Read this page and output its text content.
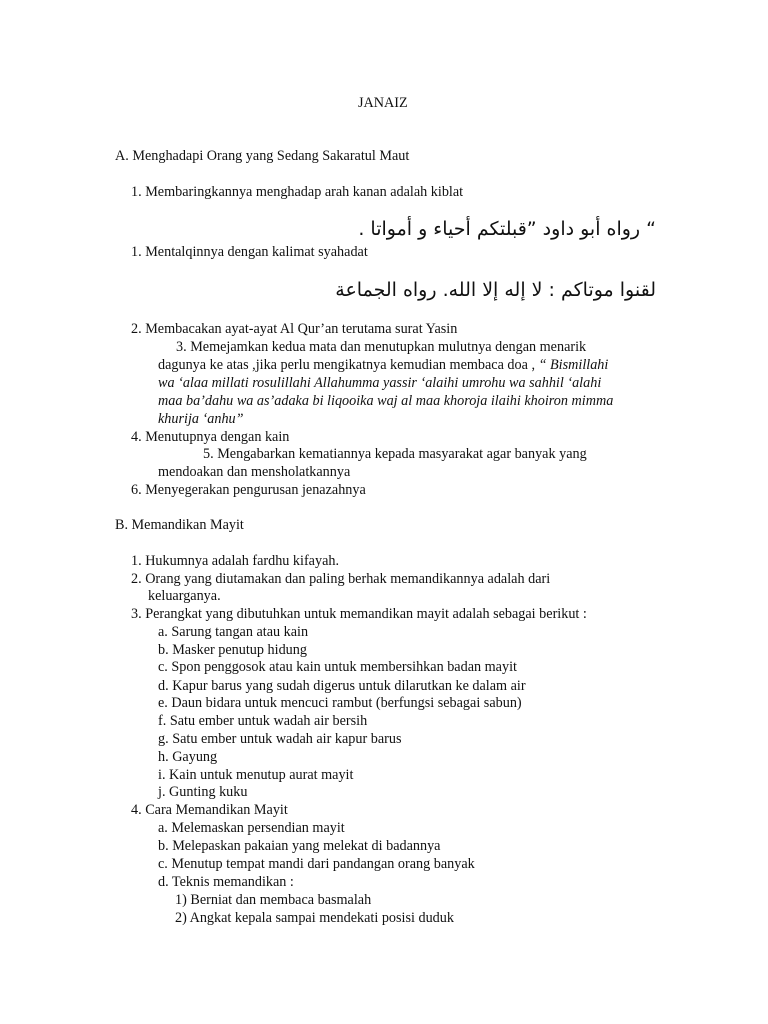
JANAIZ
A. Menghadapi Orang yang Sedang Sakaratul Maut
1. Membaringkannya menghadap arah kanan adalah kiblat
“ رواه أبو داود ”قبلتكم أحياء و أمواتا .
1. Mentalqinnya dengan kalimat syahadat
لقنوا موتاكم : لا إله إلا الله. رواه الجماعة
2. Membacakan ayat-ayat Al Qur’an terutama surat Yasin
3. Memejamkan kedua mata dan menutupkan mulutnya dengan menarik
dagunya ke atas ,jika perlu mengikatnya kemudian membaca doa , “ Bismillahi
wa ‘alaa millati rosulillahi Allahumma yassir ‘alaihi umrohu wa sahhil ‘alahi
maa ba’dahu wa as’adaka bi liqooika waj al maa khoroja ilaihi khoiron mimma
khurija ‘anhu”
4. Menutupnya dengan kain
5. Mengabarkan kematiannya kepada masyarakat agar banyak yang
mendoakan dan mensholatkannya
6. Menyegerakan pengurusan jenazahnya
B. Memandikan Mayit
1. Hukumnya adalah fardhu kifayah.
2. Orang yang diutamakan dan paling berhak memandikannya adalah dari
keluarganya.
3. Perangkat yang dibutuhkan untuk memandikan mayit adalah sebagai berikut :
a. Sarung tangan atau kain
b. Masker penutup hidung
c. Spon penggosok atau kain untuk membersihkan badan mayit
d. Kapur barus yang sudah digerus untuk dilarutkan ke dalam air
e. Daun bidara untuk mencuci rambut (berfungsi sebagai sabun)
f. Satu ember untuk wadah air bersih
g. Satu ember untuk wadah air kapur barus
h. Gayung
i. Kain untuk menutup aurat mayit
j. Gunting kuku
4. Cara Memandikan Mayit
a. Melemaskan persendian mayit
b. Melepaskan pakaian yang melekat di badannya
c. Menutup tempat mandi dari pandangan orang banyak
d. Teknis memandikan :
1) Berniat dan membaca basmalah
2) Angkat kepala sampai mendekati posisi duduk
